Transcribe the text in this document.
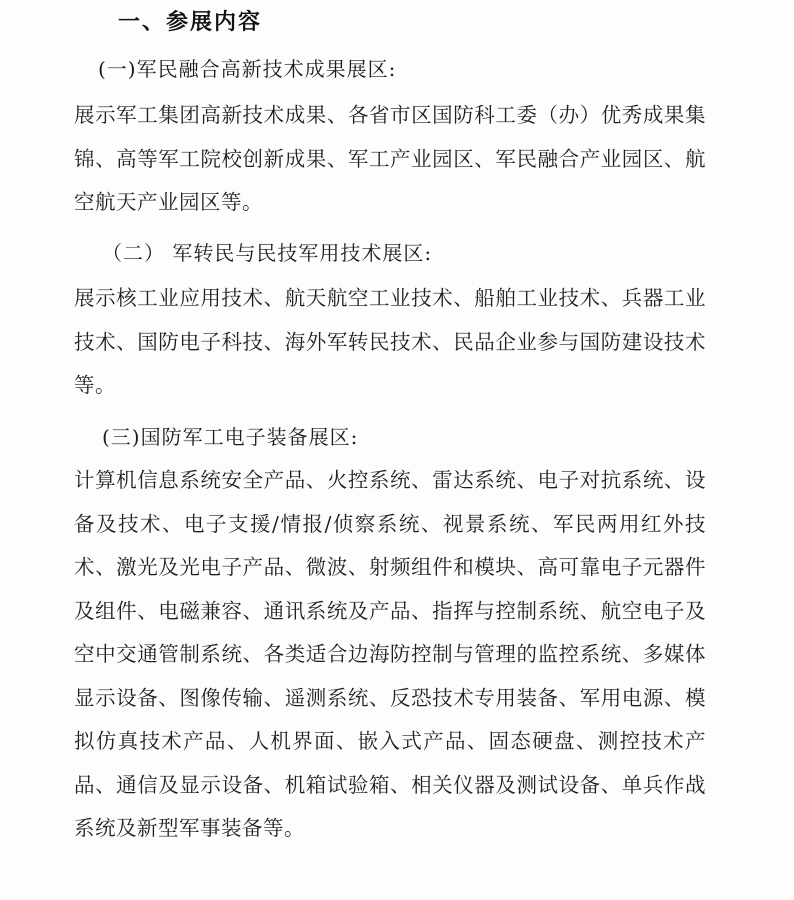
一、参展内容

(一)军民融合高新技术成果展区:

展示军工集团高新技术成果、各省市区国防科工委（办）优秀成果集锦、高等军工院校创新成果、军工产业园区、军民融合产业园区、航空航天产业园区等。

（二） 军转民与民技军用技术展区:

展示核工业应用技术、航天航空工业技术、船舶工业技术、兵器工业技术、国防电子科技、海外军转民技术、民品企业参与国防建设技术等。

(三)国防军工电子装备展区:

计算机信息系统安全产品、火控系统、雷达系统、电子对抗系统、设备及技术、电子支援/情报/侦察系统、视景系统、军民两用红外技术、激光及光电子产品、微波、射频组件和模块、高可靠电子元器件及组件、电磁兼容、通讯系统及产品、指挥与控制系统、航空电子及空中交通管制系统、各类适合边海防控制与管理的监控系统、多媒体显示设备、图像传输、遥测系统、反恐技术专用装备、军用电源、模拟仿真技术产品、人机界面、嵌入式产品、固态硬盘、测控技术产品、通信及显示设备、机箱试验箱、相关仪器及测试设备、单兵作战系统及新型军事装备等。
